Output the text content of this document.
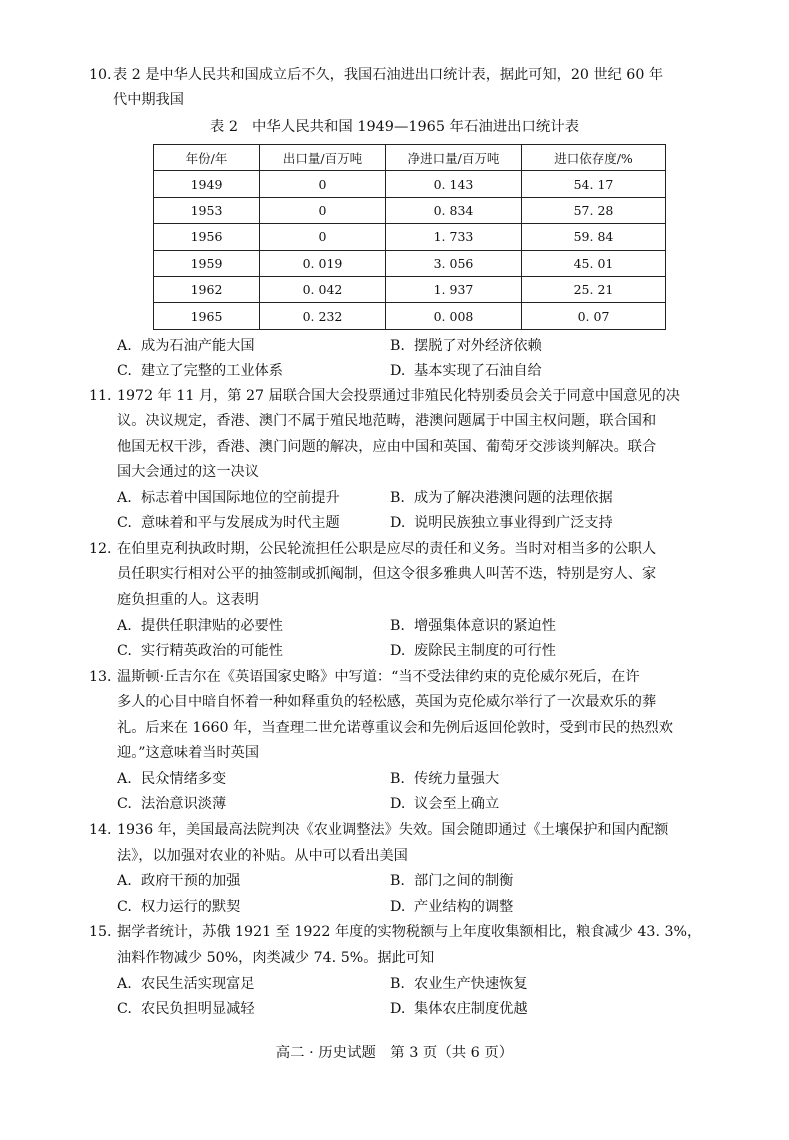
10. 表 2 是中华人民共和国成立后不久，我国石油进出口统计表，据此可知，20 世纪 60 年
代中期我国
表 2 中华人民共和国 1949—1965 年石油进出口统计表
年份/年	出口量/百万吨	净进口量/百万吨	进口依存度/%
1949	0	0. 143	54. 17
1953	0	0. 834	57. 28
1956	0	1. 733	59. 84
1959	0. 019	3. 056	45. 01
1962	0. 042	1. 937	25. 21
1965	0. 232	0. 008	0. 07
A. 成为石油产能大国	B. 摆脱了对外经济依赖
C. 建立了完整的工业体系	D. 基本实现了石油自给
11. 1972 年 11 月，第 27 届联合国大会投票通过非殖民化特别委员会关于同意中国意见的决
议。决议规定，香港、澳门不属于殖民地范畴，港澳问题属于中国主权问题，联合国和
他国无权干涉，香港、澳门问题的解决，应由中国和英国、葡萄牙交涉谈判解决。联合
国大会通过的这一决议
A. 标志着中国国际地位的空前提升	B. 成为了解决港澳问题的法理依据
C. 意味着和平与发展成为时代主题	D. 说明民族独立事业得到广泛支持
12. 在伯里克利执政时期，公民轮流担任公职是应尽的责任和义务。当时对相当多的公职人
员任职实行相对公平的抽签制或抓阄制，但这令很多雅典人叫苦不迭，特别是穷人、家
庭负担重的人。这表明
A. 提供任职津贴的必要性	B. 增强集体意识的紧迫性
C. 实行精英政治的可能性	D. 废除民主制度的可行性
13. 温斯顿·丘吉尔在《英语国家史略》中写道：“当不受法律约束的克伦威尔死后，在许
多人的心目中暗自怀着一种如释重负的轻松感，英国为克伦威尔举行了一次最欢乐的葬
礼。后来在 1660 年，当查理二世允诺尊重议会和先例后返回伦敦时，受到市民的热烈欢
迎。”这意味着当时英国
A. 民众情绪多变	B. 传统力量强大
C. 法治意识淡薄	D. 议会至上确立
14. 1936 年，美国最高法院判决《农业调整法》失效。国会随即通过《土壤保护和国内配额
法》，以加强对农业的补贴。从中可以看出美国
A. 政府干预的加强	B. 部门之间的制衡
C. 权力运行的默契	D. 产业结构的调整
15. 据学者统计，苏俄 1921 至 1922 年度的实物税额与上年度收集额相比，粮食减少 43. 3%，
油料作物减少 50%，肉类减少 74. 5%。据此可知
A. 农民生活实现富足	B. 农业生产快速恢复
C. 农民负担明显减轻	D. 集体农庄制度优越
高二 · 历史试题　第 3 页（共 6 页）
